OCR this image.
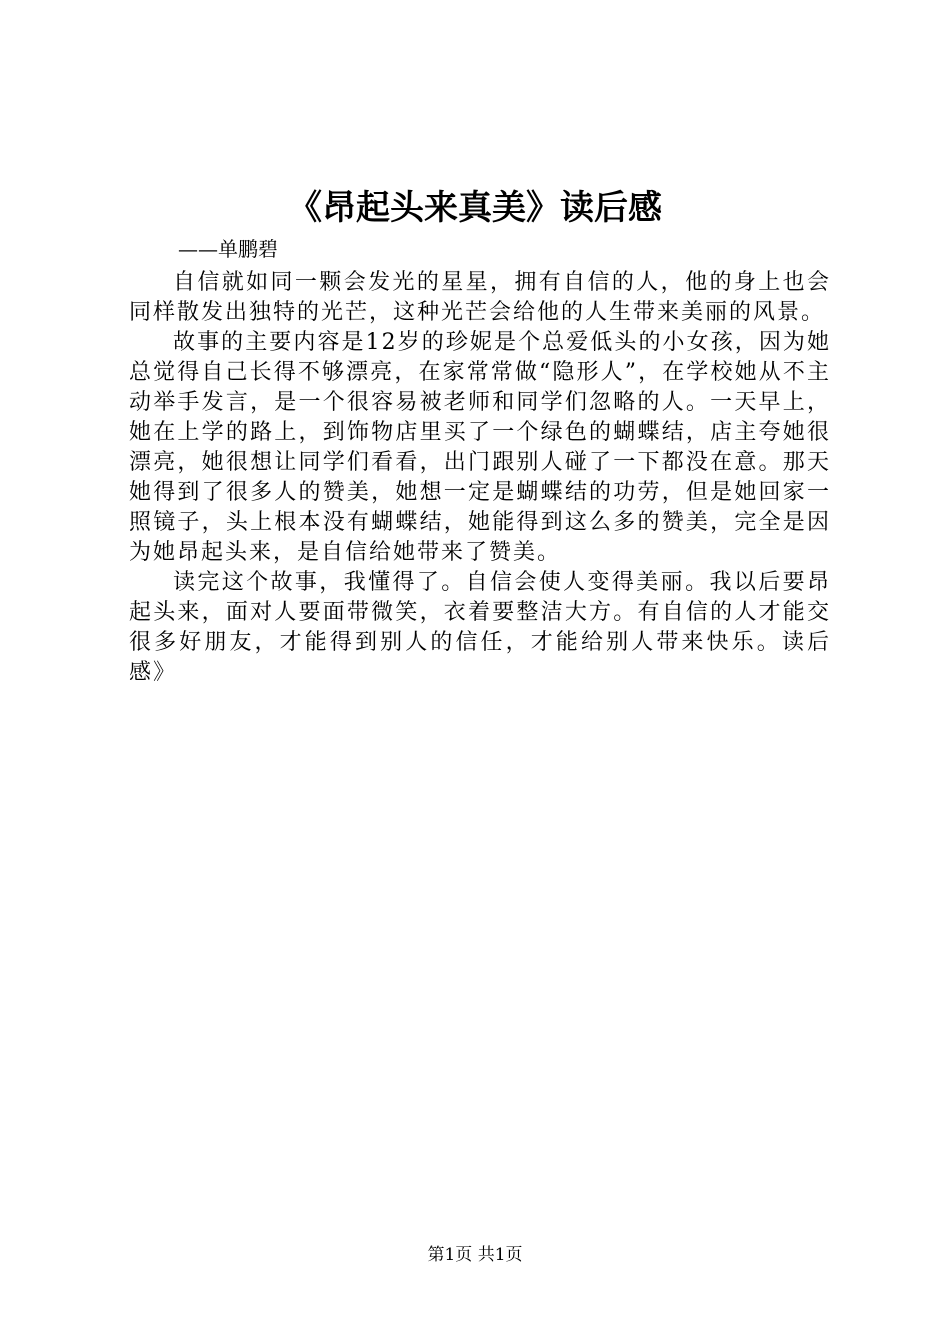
《昂起头来真美》读后感
——单鹏碧

自信就如同一颗会发光的星星，拥有自信的人，他的身上也会同样散发出独特的光芒，这种光芒会给他的人生带来美丽的风景。

故事的主要内容是12岁的珍妮是个总爱低头的小女孩，因为她总觉得自己长得不够漂亮，在家常常做“隐形人”，在学校她从不主动举手发言，是一个很容易被老师和同学们忽略的人。一天早上，她在上学的路上，到饰物店里买了一个绿色的蝴蝶结，店主夸她很漂亮，她很想让同学们看看，出门跟别人碰了一下都没在意。那天她得到了很多人的赞美，她想一定是蝴蝶结的功劳，但是她回家一照镜子，头上根本没有蝴蝶结，她能得到这么多的赞美，完全是因为她昂起头来，是自信给她带来了赞美。

读完这个故事，我懂得了。自信会使人变得美丽。我以后要昂起头来，面对人要面带微笑，衣着要整洁大方。有自信的人才能交很多好朋友，才能得到别人的信任，才能给别人带来快乐。读后感》

第1页 共1页
